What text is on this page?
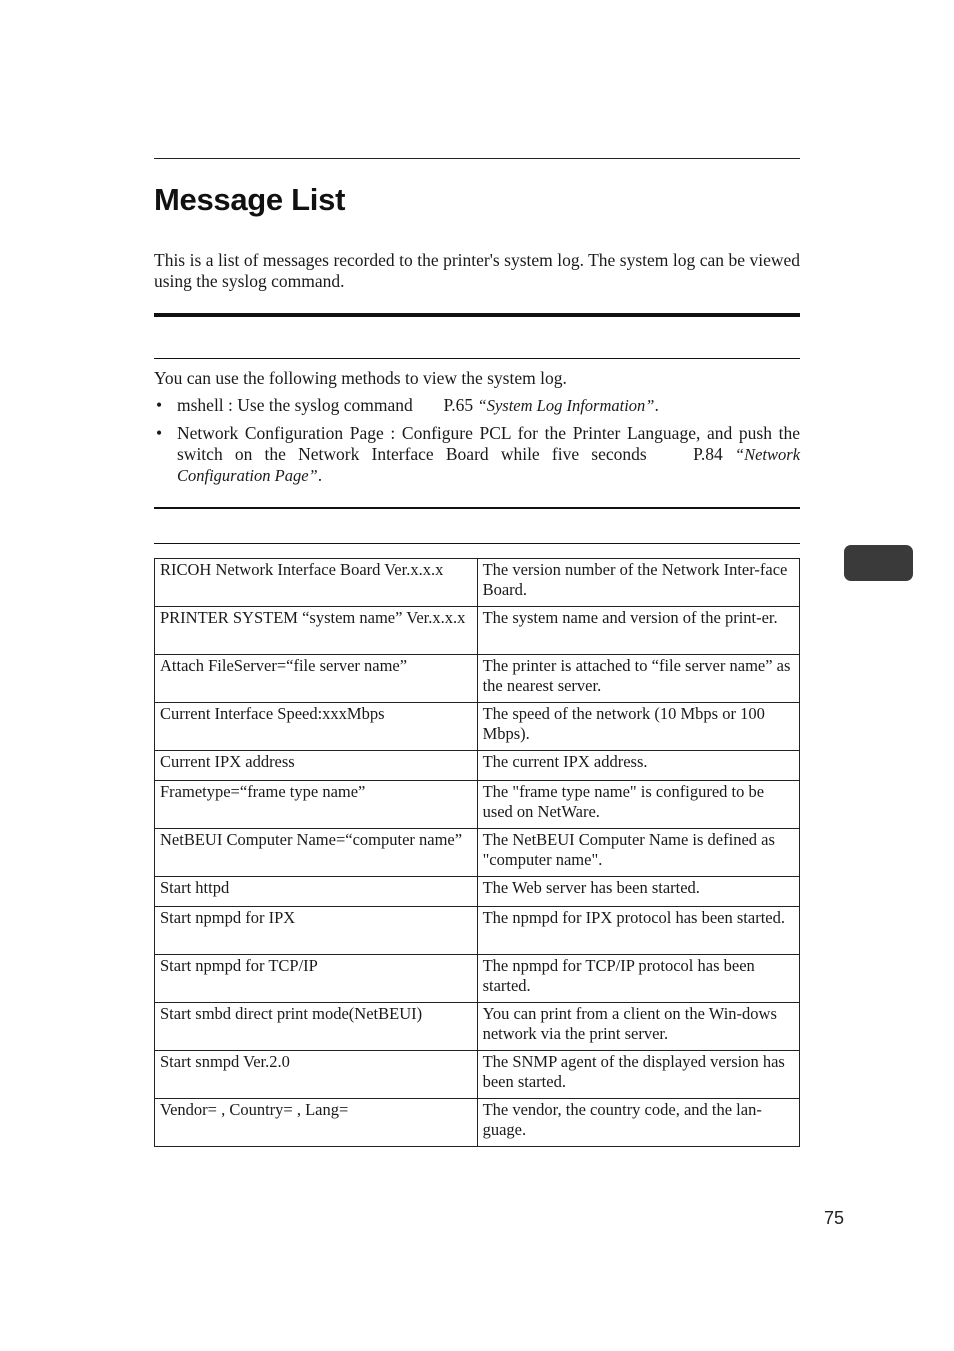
Message List

This is a list of messages recorded to the printer's system log. The system log can be viewed using the syslog command.

You can use the following methods to view the system log.

• mshell : Use the syslog command P.65 “System Log Information”.
• Network Configuration Page : Configure PCL for the Printer Language, and push the switch on the Network Interface Board while five seconds	P.84 “Network Configuration Page”.
RICOH Network Interface Board Ver.x.x.x	The version number of the Network Inter-face Board.
PRINTER SYSTEM “system name” Ver.x.x.x	The system name and version of the print-er.
Attach FileServer=“file server name”	The printer is attached to “file server name” as the nearest server.
Current Interface Speed:xxxMbps	The speed of the network (10 Mbps or 100 Mbps).
Current IPX address	The current IPX address.
Frametype=“frame type name”	The "frame type name" is configured to be used on NetWare.
NetBEUI Computer Name=“computer name”	The NetBEUI Computer Name is defined as "computer name".
Start httpd	The Web server has been started.
Start npmpd for IPX	The npmpd for IPX protocol has been started.
Start npmpd for TCP/IP	The npmpd for TCP/IP protocol has been started.
Start smbd direct print mode(NetBEUI)	You can print from a client on the Win-dows network via the print server.
Start snmpd Ver.2.0	The SNMP agent of the displayed version has been started.
Vendor= , Country= , Lang=	The vendor, the country code, and the lan-guage.
75
